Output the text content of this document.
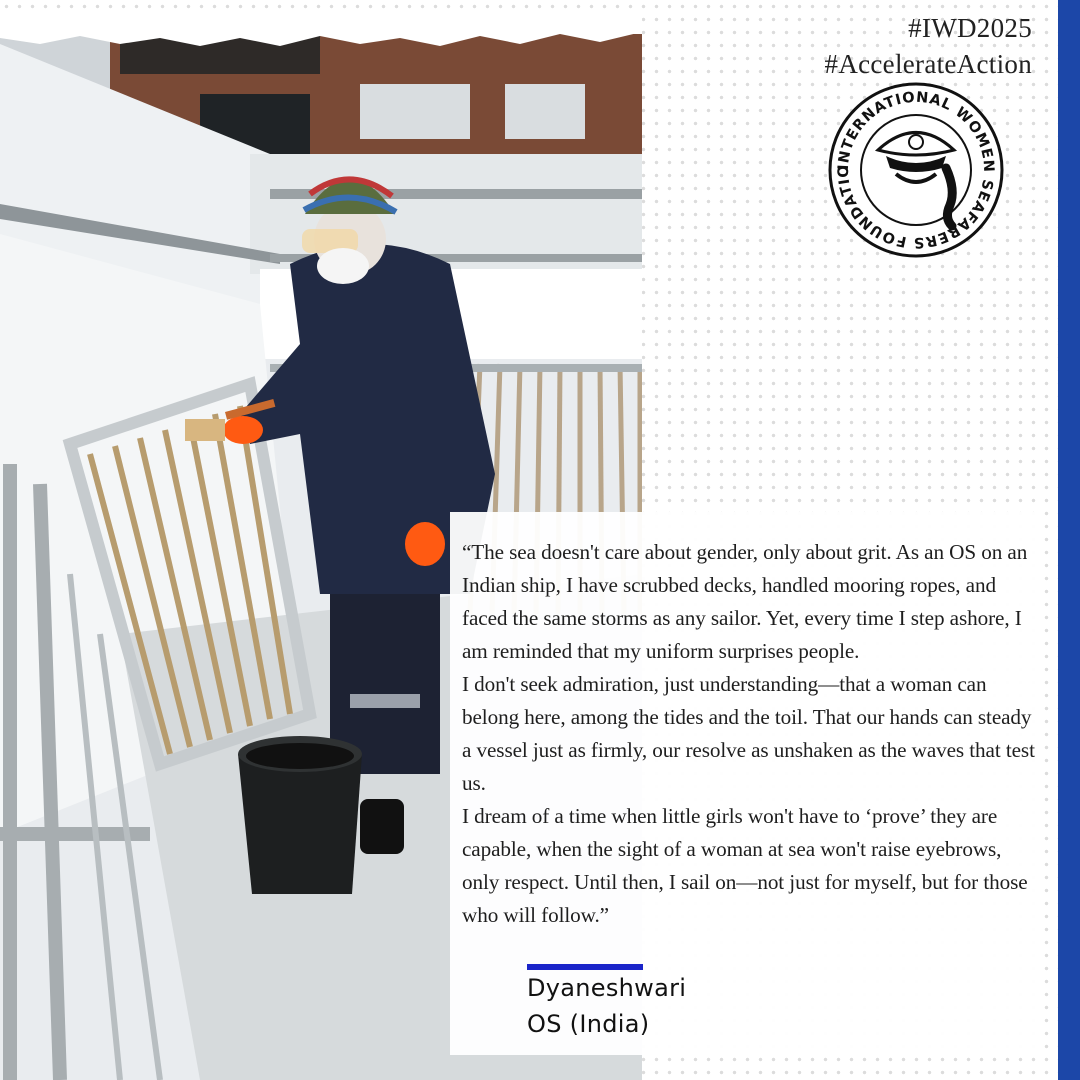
#IWD2025
#AccelerateAction
INTERNATIONAL WOMEN SEAFARERS FOUNDATIO

“The sea doesn't care about gender, only about grit. As an OS on an Indian ship, I have scrubbed decks, handled mooring ropes, and faced the same storms as any sailor. Yet, every time I step ashore, I am reminded that my uniform surprises people.

I don't seek admiration, just understanding—that a woman can belong here, among the tides and the toil. That our hands can steady a vessel just as firmly, our resolve as unshaken as the waves that test us.

I dream of a time when little girls won't have to ‘prove’ they are capable, when the sight of a woman at sea won't raise eyebrows, only respect. Until then, I sail on—not just for myself, but for those who will follow.”

Dyaneshwari
OS (India)
